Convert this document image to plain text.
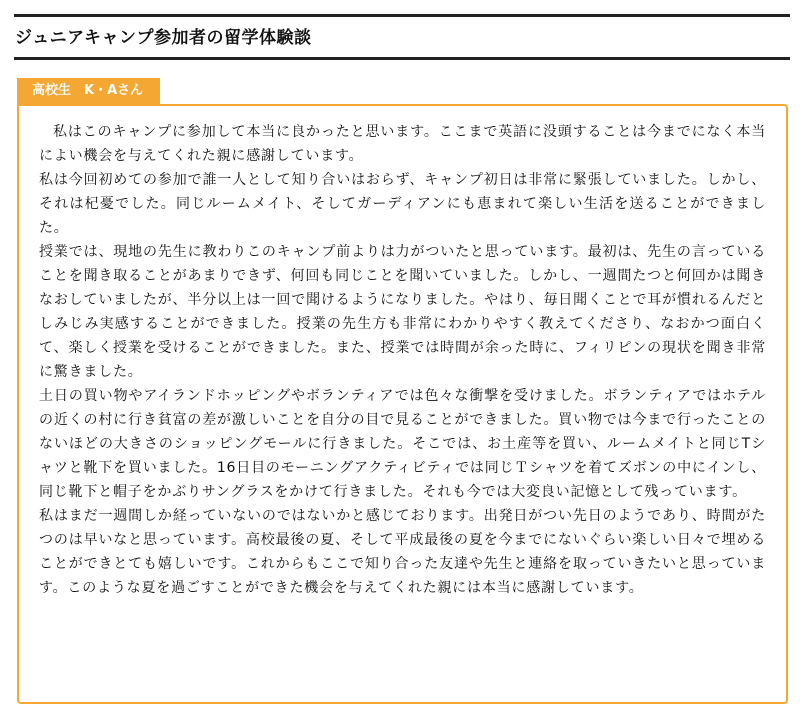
ジュニアキャンプ参加者の留学体験談
高校生　K・Aさん

私はこのキャンプに参加して本当に良かったと思います。ここまで英語に没頭することは今までになく本当によい機会を与えてくれた親に感謝しています。

私は今回初めての参加で誰一人として知り合いはおらず、キャンプ初日は非常に緊張していました。しかし、それは杞憂でした。同じルームメイト、そしてガーディアンにも恵まれて楽しい生活を送ることができました。

授業では、現地の先生に教わりこのキャンプ前よりは力がついたと思っています。最初は、先生の言っていることを聞き取ることがあまりできず、何回も同じことを聞いていました。しかし、一週間たつと何回かは聞きなおしていましたが、半分以上は一回で聞けるようになりました。やはり、毎日聞くことで耳が慣れるんだとしみじみ実感することができました。授業の先生方も非常にわかりやすく教えてくださり、なおかつ面白くて、楽しく授業を受けることができました。また、授業では時間が余った時に、フィリピンの現状を聞き非常に驚きました。

土日の買い物やアイランドホッピングやボランティアでは色々な衝撃を受けました。ボランティアではホテルの近くの村に行き貧富の差が激しいことを自分の目で見ることができました。買い物では今まで行ったことのないほどの大きさのショッピングモールに行きました。そこでは、お土産等を買い、ルームメイトと同じTシャツと靴下を買いました。16日目のモーニングアクティビティでは同じＴシャツを着てズボンの中にインし、同じ靴下と帽子をかぶりサングラスをかけて行きました。それも今では大変良い記憶として残っています。

私はまだ一週間しか経っていないのではないかと感じております。出発日がつい先日のようであり、時間がたつのは早いなと思っています。高校最後の夏、そして平成最後の夏を今までにないぐらい楽しい日々で埋めることができとても嬉しいです。これからもここで知り合った友達や先生と連絡を取っていきたいと思っています。このような夏を過ごすことができた機会を与えてくれた親には本当に感謝しています。
